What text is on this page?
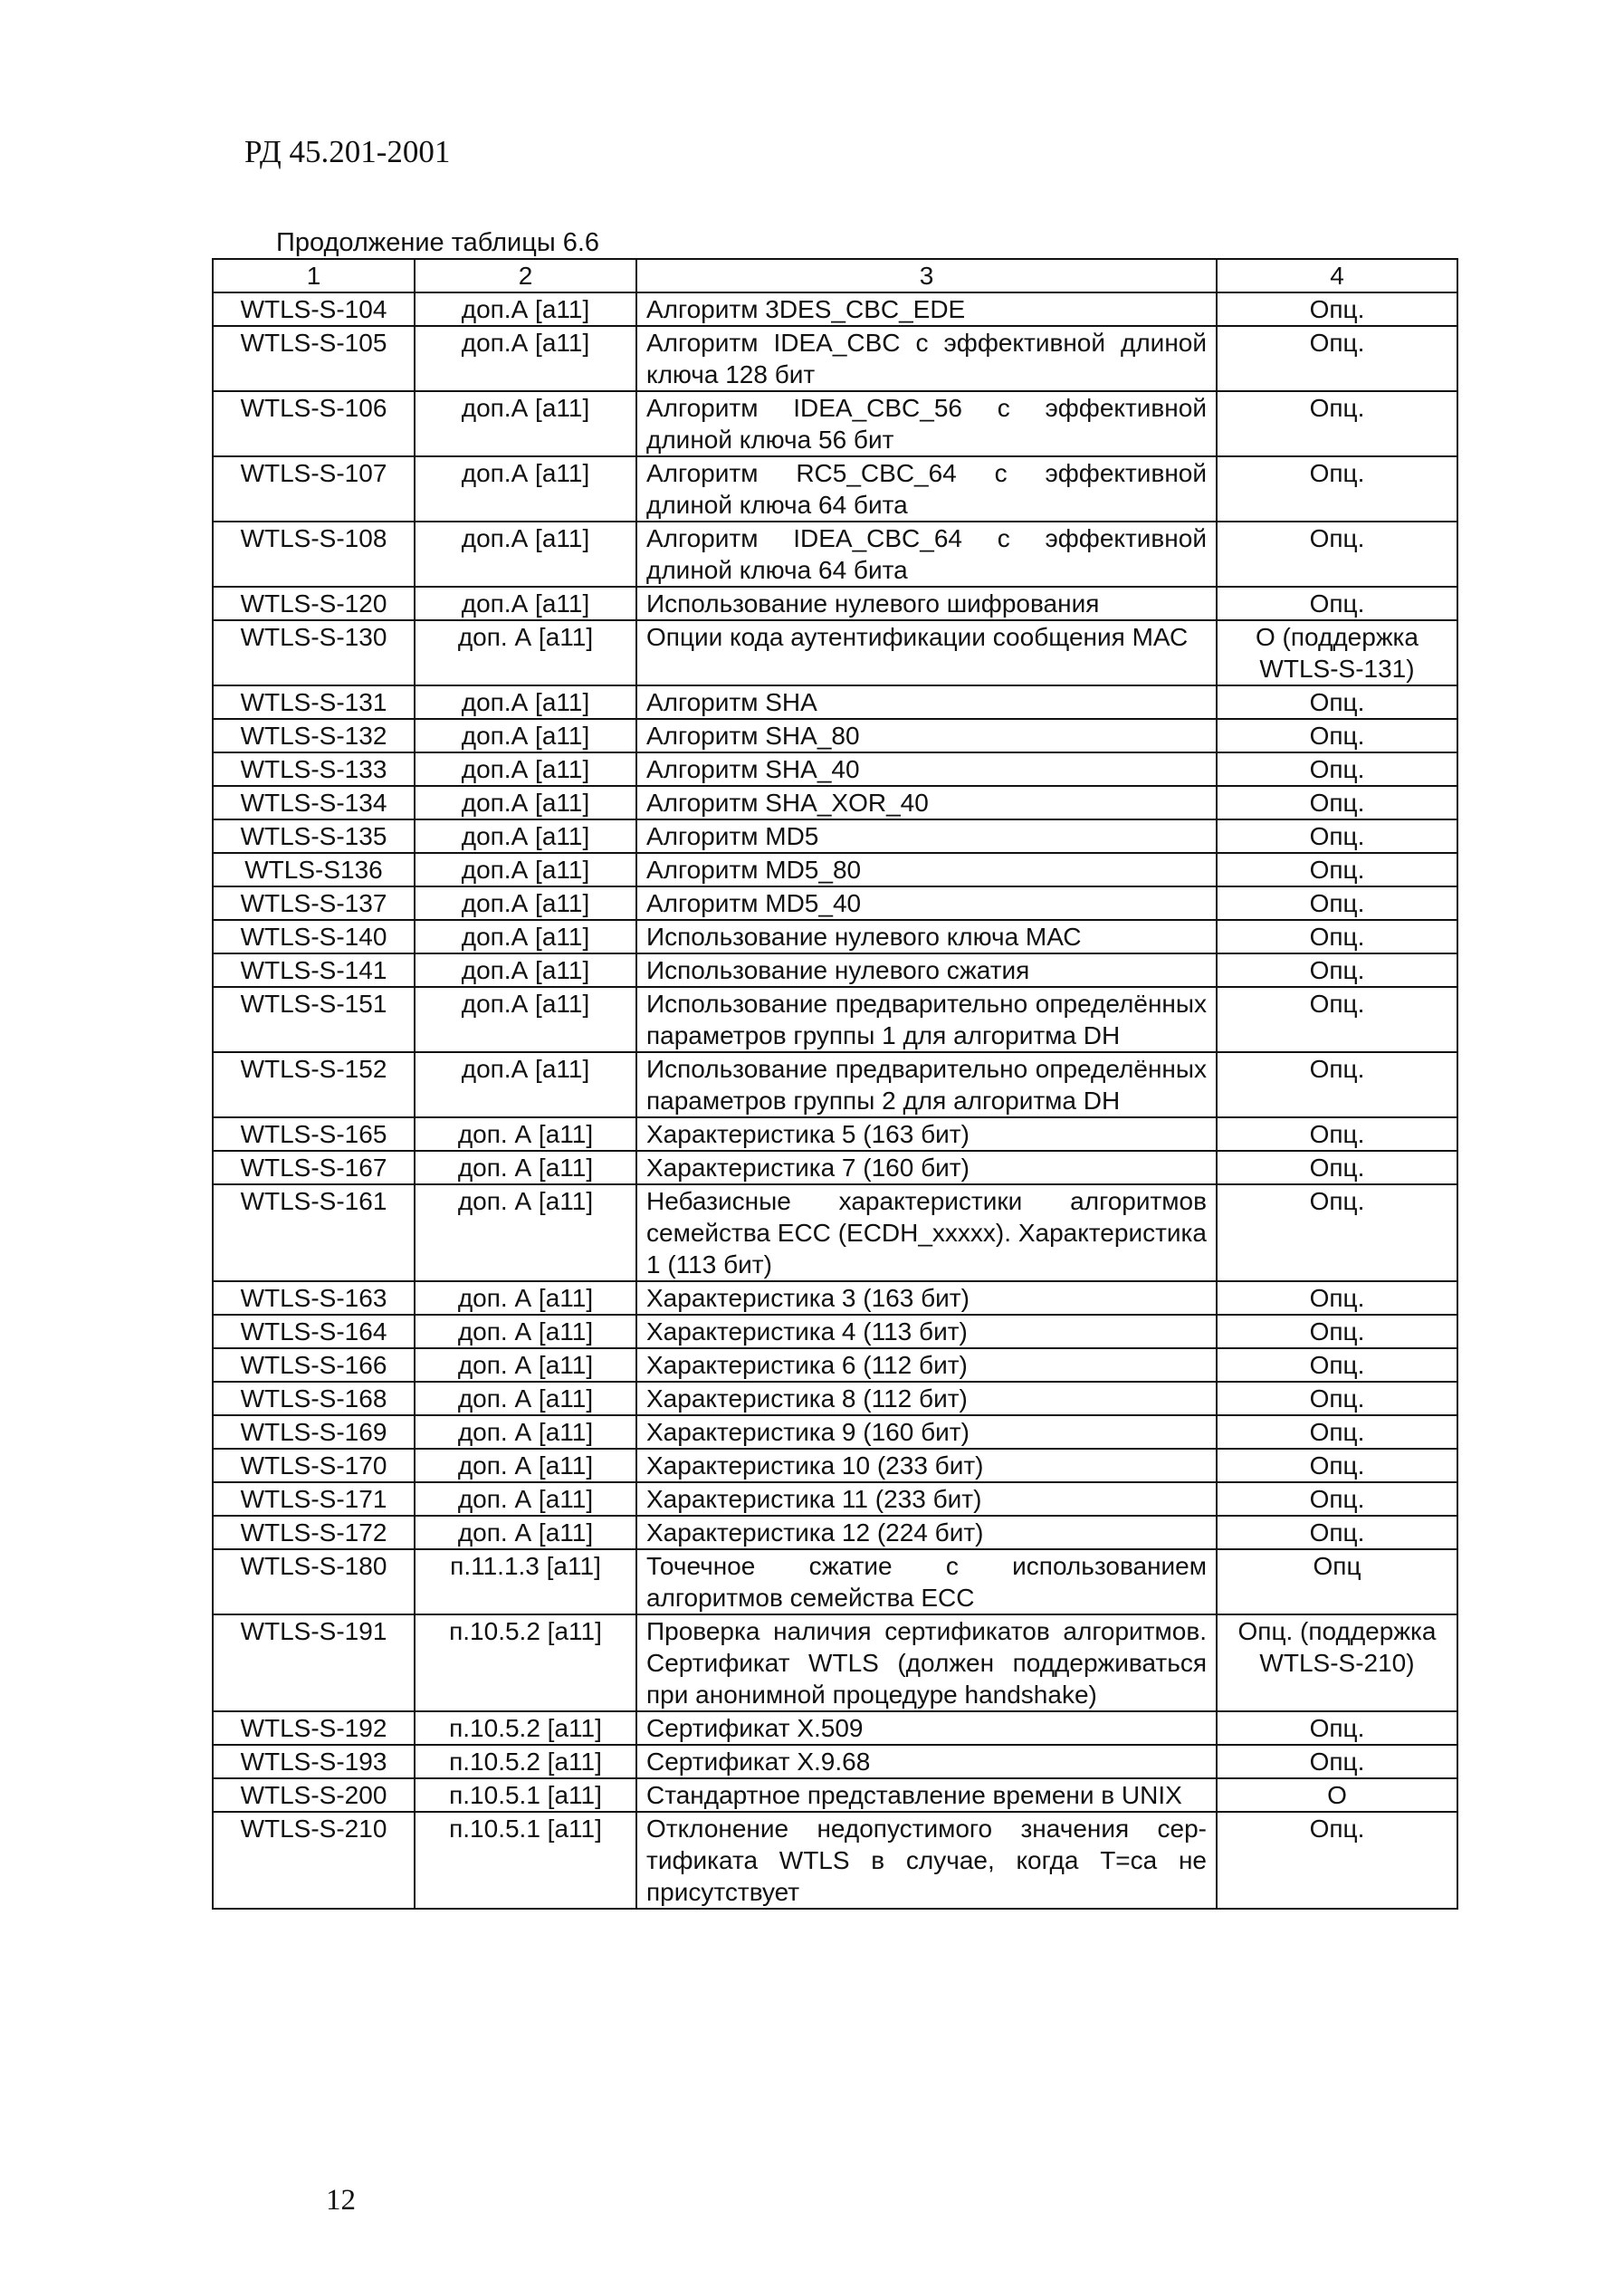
РД 45.201-2001
Продолжение таблицы 6.6
1	2	3	4
WTLS-S-104	доп.А [a11]	Алгоритм 3DES_CBC_EDE	Опц.
WTLS-S-105	доп.А [a11]	Алгоритм IDEA_CBC с эффективной длиной ключа 128 бит	Опц.
WTLS-S-106	доп.А [a11]	Алгоритм IDEA_CBC_56 с эффективной длиной ключа 56 бит	Опц.
WTLS-S-107	доп.А [a11]	Алгоритм RC5_CBC_64 с эффективной длиной ключа 64 бита	Опц.
WTLS-S-108	доп.А [a11]	Алгоритм IDEA_CBC_64 с эффективной длиной ключа 64 бита	Опц.
WTLS-S-120	доп.А [a11]	Использование нулевого шифрования	Опц.
WTLS-S-130	доп. А [a11]	Опции кода аутентификации сообщения МАС	О (поддержка WTLS-S-131)
WTLS-S-131	доп.А [a11]	Алгоритм SHA	Опц.
WTLS-S-132	доп.А [a11]	Алгоритм SHA_80	Опц.
WTLS-S-133	доп.А [a11]	Алгоритм SHA_40	Опц.
WTLS-S-134	доп.А [a11]	Алгоритм SHA_XOR_40	Опц.
WTLS-S-135	доп.А [a11]	Алгоритм MD5	Опц.
WTLS-S136	доп.А [a11]	Алгоритм MD5_80	Опц.
WTLS-S-137	доп.А [a11]	Алгоритм MD5_40	Опц.
WTLS-S-140	доп.А [a11]	Использование нулевого ключа МАС	Опц.
WTLS-S-141	доп.А [a11]	Использование нулевого сжатия	Опц.
WTLS-S-151	доп.А [a11]	Использование предварительно определённых параметров группы 1 для алгоритма DH	Опц.
WTLS-S-152	доп.А [a11]	Использование предварительно определённых параметров группы 2 для алгоритма DH	Опц.
WTLS-S-165	доп. А [a11]	Характеристика 5 (163 бит)	Опц.
WTLS-S-167	доп. А [a11]	Характеристика 7 (160 бит)	Опц.
WTLS-S-161	доп. А [a11]	Небазисные характеристики алгоритмов семейства ЕСС (ECDH_xxxxx). Характеристика 1 (113 бит)	Опц.
WTLS-S-163	доп. А [a11]	Характеристика 3 (163 бит)	Опц.
WTLS-S-164	доп. А [a11]	Характеристика 4 (113 бит)	Опц.
WTLS-S-166	доп. А [a11]	Характеристика 6 (112 бит)	Опц.
WTLS-S-168	доп. А [a11]	Характеристика 8 (112 бит)	Опц.
WTLS-S-169	доп. А [a11]	Характеристика 9 (160 бит)	Опц.
WTLS-S-170	доп. А [a11]	Характеристика 10 (233 бит)	Опц.
WTLS-S-171	доп. А [a11]	Характеристика 11 (233 бит)	Опц.
WTLS-S-172	доп. А [a11]	Характеристика 12 (224 бит)	Опц.
WTLS-S-180	п.11.1.3 [a11]	Точечное сжатие с использованием алгоритмов семейства ЕСС	Опц
WTLS-S-191	п.10.5.2 [a11]	Проверка наличия сертификатов алгоритмов. Сертификат WTLS (должен поддерживаться при анонимной процедуре handshake)	Опц. (поддержка WTLS-S-210)
WTLS-S-192	п.10.5.2 [a11]	Сертификат X.509	Опц.
WTLS-S-193	п.10.5.2 [a11]	Сертификат X.9.68	Опц.
WTLS-S-200	п.10.5.1 [a11]	Стандартное представление времени в UNIX	О
WTLS-S-210	п.10.5.1 [a11]	Отклонение недопустимого значения сер-тификата WTLS в случае, когда T=ca не присутствует	Опц.
12
